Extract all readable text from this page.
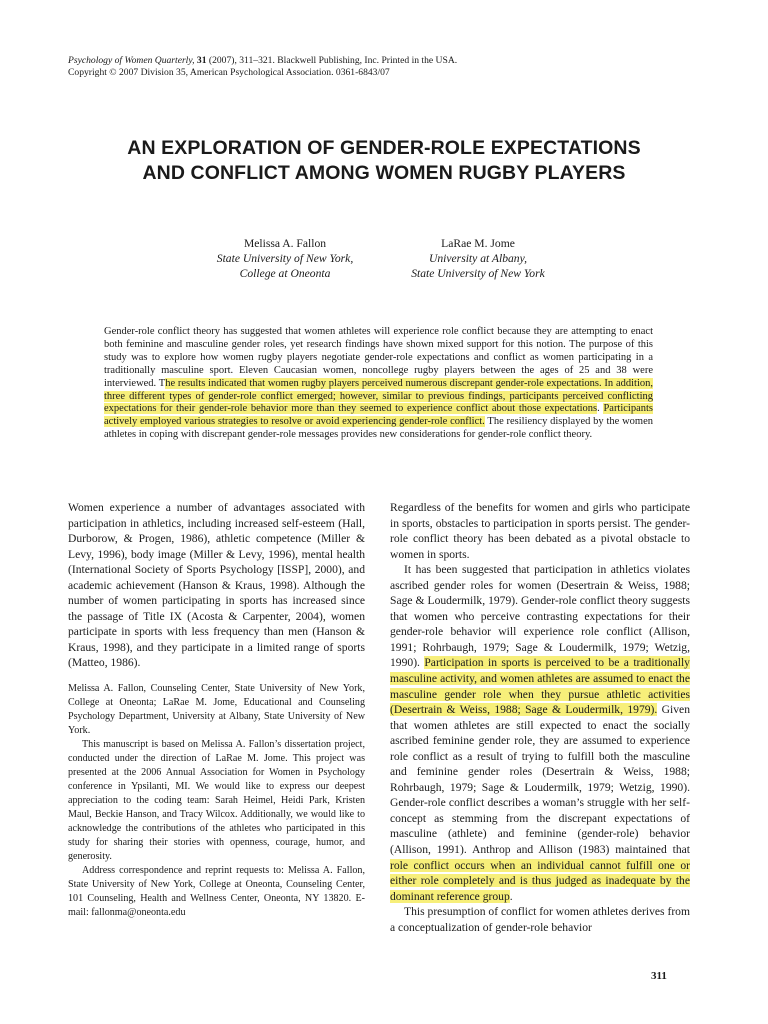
Psychology of Women Quarterly, 31 (2007), 311–321. Blackwell Publishing, Inc. Printed in the USA.
Copyright © 2007 Division 35, American Psychological Association. 0361-6843/07
AN EXPLORATION OF GENDER-ROLE EXPECTATIONS
AND CONFLICT AMONG WOMEN RUGBY PLAYERS
Melissa A. Fallon
State University of New York,
College at Oneonta
LaRae M. Jome
University at Albany,
State University of New York
Gender-role conflict theory has suggested that women athletes will experience role conflict because they are attempting to enact both feminine and masculine gender roles, yet research findings have shown mixed support for this notion. The purpose of this study was to explore how women rugby players negotiate gender-role expectations and conflict as women participating in a traditionally masculine sport. Eleven Caucasian women, noncollege rugby players between the ages of 25 and 38 were interviewed. The results indicated that women rugby players perceived numerous discrepant gender-role expectations. In addition, three different types of gender-role conflict emerged; however, similar to previous findings, participants perceived conflicting expectations for their gender-role behavior more than they seemed to experience conflict about those expectations. Participants actively employed various strategies to resolve or avoid experiencing gender-role conflict. The resiliency displayed by the women athletes in coping with discrepant gender-role messages provides new considerations for gender-role conflict theory.

Women experience a number of advantages associated with participation in athletics, including increased self-esteem (Hall, Durborow, & Progen, 1986), athletic competence (Miller & Levy, 1996), body image (Miller & Levy, 1996), mental health (International Society of Sports Psychology [ISSP], 2000), and academic achievement (Hanson & Kraus, 1998). Although the number of women participating in sports has increased since the passage of Title IX (Acosta & Carpenter, 2004), women participate in sports with less frequency than men (Hanson & Kraus, 1998), and they participate in a limited range of sports (Matteo, 1986).

Melissa A. Fallon, Counseling Center, State University of New York, College at Oneonta; LaRae M. Jome, Educational and Counseling Psychology Department, University at Albany, State University of New York.

This manuscript is based on Melissa A. Fallon’s dissertation project, conducted under the direction of LaRae M. Jome. This project was presented at the 2006 Annual Association for Women in Psychology conference in Ypsilanti, MI. We would like to express our deepest appreciation to the coding team: Sarah Heimel, Heidi Park, Kristen Maul, Beckie Hanson, and Tracy Wilcox. Additionally, we would like to acknowledge the contributions of the athletes who participated in this study for sharing their stories with openness, courage, humor, and generosity.

Address correspondence and reprint requests to: Melissa A. Fallon, State University of New York, College at Oneonta, Counseling Center, 101 Counseling, Health and Wellness Center, Oneonta, NY 13820. E-mail: fallonma@oneonta.edu

Regardless of the benefits for women and girls who participate in sports, obstacles to participation in sports persist. The gender-role conflict theory has been debated as a pivotal obstacle to women in sports.

It has been suggested that participation in athletics violates ascribed gender roles for women (Desertrain & Weiss, 1988; Sage & Loudermilk, 1979). Gender-role conflict theory suggests that women who perceive contrasting expectations for their gender-role behavior will experience role conflict (Allison, 1991; Rohrbaugh, 1979; Sage & Loudermilk, 1979; Wetzig, 1990). Participation in sports is perceived to be a traditionally masculine activity, and women athletes are assumed to enact the masculine gender role when they pursue athletic activities (Desertrain & Weiss, 1988; Sage & Loudermilk, 1979). Given that women athletes are still expected to enact the socially ascribed feminine gender role, they are assumed to experience role conflict as a result of trying to fulfill both the masculine and feminine gender roles (Desertrain & Weiss, 1988; Rohrbaugh, 1979; Sage & Loudermilk, 1979; Wetzig, 1990). Gender-role conflict describes a woman’s struggle with her self-concept as stemming from the discrepant expectations of masculine (athlete) and feminine (gender-role) behavior (Allison, 1991). Anthrop and Allison (1983) maintained that role conflict occurs when an individual cannot fulfill one or either role completely and is thus judged as inadequate by the dominant reference group.

This presumption of conflict for women athletes derives from a conceptualization of gender-role behavior

311
